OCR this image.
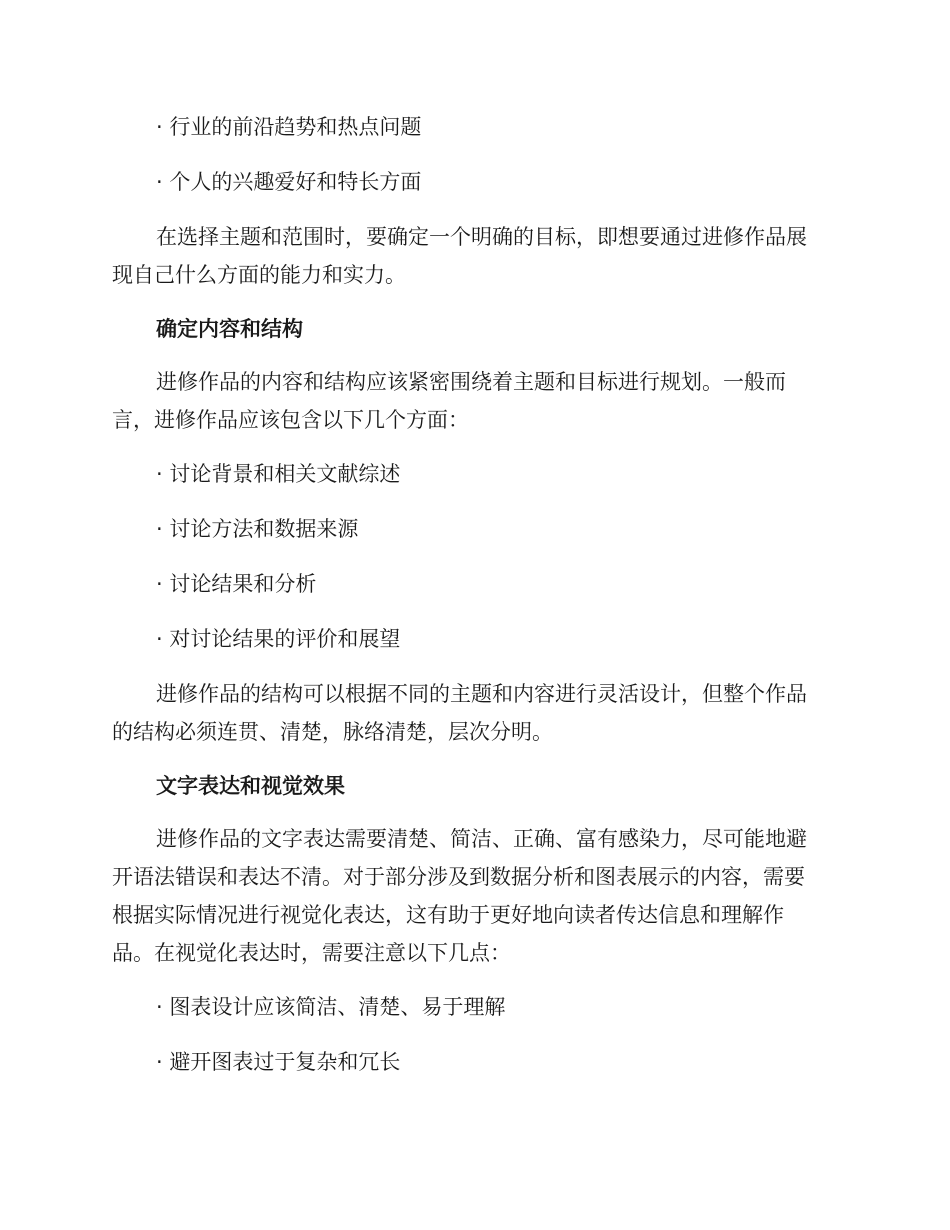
· 行业的前沿趋势和热点问题
· 个人的兴趣爱好和特长方面
在选择主题和范围时，要确定一个明确的目标，即想要通过进修作品展
现自己什么方面的能力和实力。
确定内容和结构
进修作品的内容和结构应该紧密围绕着主题和目标进行规划。一般而
言，进修作品应该包含以下几个方面：
· 讨论背景和相关文献综述
· 讨论方法和数据来源
· 讨论结果和分析
· 对讨论结果的评价和展望
进修作品的结构可以根据不同的主题和内容进行灵活设计，但整个作品
的结构必须连贯、清楚，脉络清楚，层次分明。
文字表达和视觉效果
进修作品的文字表达需要清楚、简洁、正确、富有感染力，尽可能地避
开语法错误和表达不清。对于部分涉及到数据分析和图表展示的内容，需要
根据实际情况进行视觉化表达，这有助于更好地向读者传达信息和理解作
品。在视觉化表达时，需要注意以下几点：
· 图表设计应该简洁、清楚、易于理解
· 避开图表过于复杂和冗长
